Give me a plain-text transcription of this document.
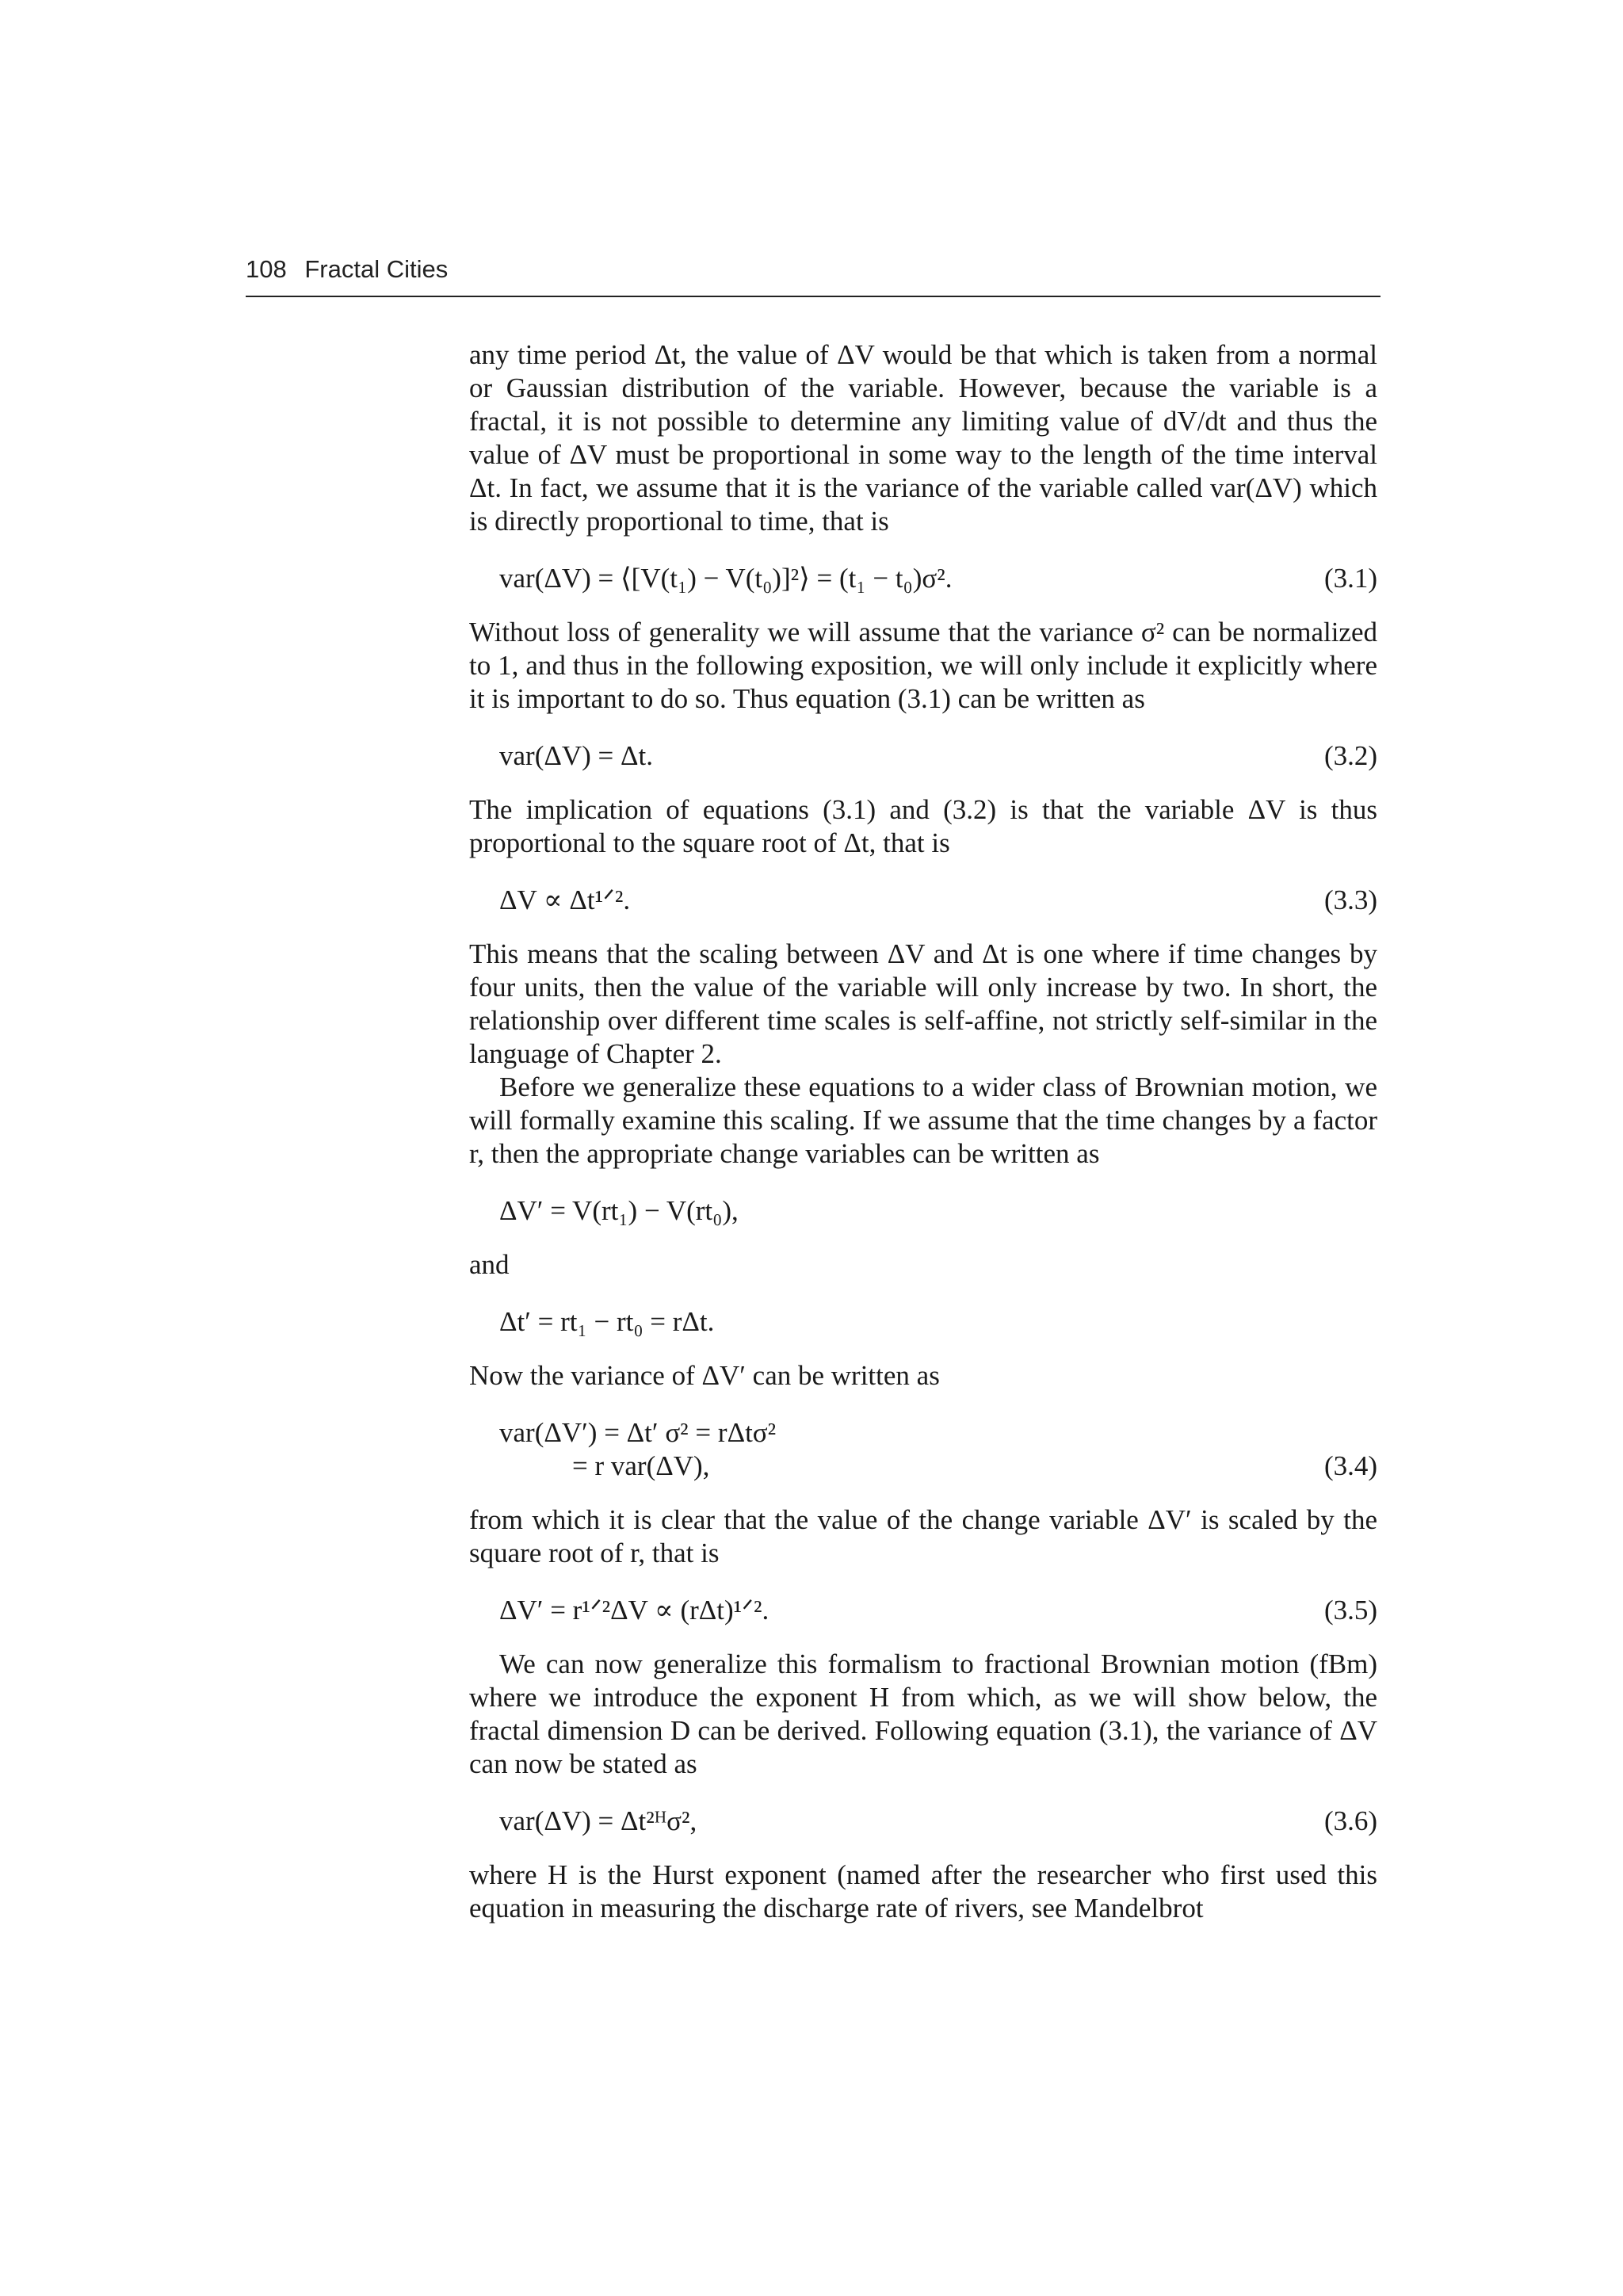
108 Fractal Cities

any time period Δt, the value of ΔV would be that which is taken from a normal or Gaussian distribution of the variable. However, because the variable is a fractal, it is not possible to determine any limiting value of dV/dt and thus the value of ΔV must be proportional in some way to the length of the time interval Δt. In fact, we assume that it is the variance of the variable called var(ΔV) which is directly proportional to time, that is

var(ΔV) = ⟨[V(t₁) − V(t₀)]²⟩ = (t₁ − t₀)σ².	(3.1)

Without loss of generality we will assume that the variance σ² can be normalized to 1, and thus in the following exposition, we will only include it explicitly where it is important to do so. Thus equation (3.1) can be written as

var(ΔV) = Δt.	(3.2)

The implication of equations (3.1) and (3.2) is that the variable ΔV is thus proportional to the square root of Δt, that is

ΔV ∝ Δt¹ᐟ².	(3.3)

This means that the scaling between ΔV and Δt is one where if time changes by four units, then the value of the variable will only increase by two. In short, the relationship over different time scales is self-affine, not strictly self-similar in the language of Chapter 2.

Before we generalize these equations to a wider class of Brownian motion, we will formally examine this scaling. If we assume that the time changes by a factor r, then the appropriate change variables can be written as

ΔV′ = V(rt₁) − V(rt₀),

and

Δt′ = rt₁ − rt₀ = rΔt.

Now the variance of ΔV′ can be written as

var(ΔV′) = Δt′ σ² = rΔtσ²
= r var(ΔV),	(3.4)

from which it is clear that the value of the change variable ΔV′ is scaled by the square root of r, that is

ΔV′ = r¹ᐟ²ΔV ∝ (rΔt)¹ᐟ².	(3.5)

We can now generalize this formalism to fractional Brownian motion (fBm) where we introduce the exponent H from which, as we will show below, the fractal dimension D can be derived. Following equation (3.1), the variance of ΔV can now be stated as

var(ΔV) = Δt²ᴴσ²,	(3.6)

where H is the Hurst exponent (named after the researcher who first used this equation in measuring the discharge rate of rivers, see Mandelbrot
